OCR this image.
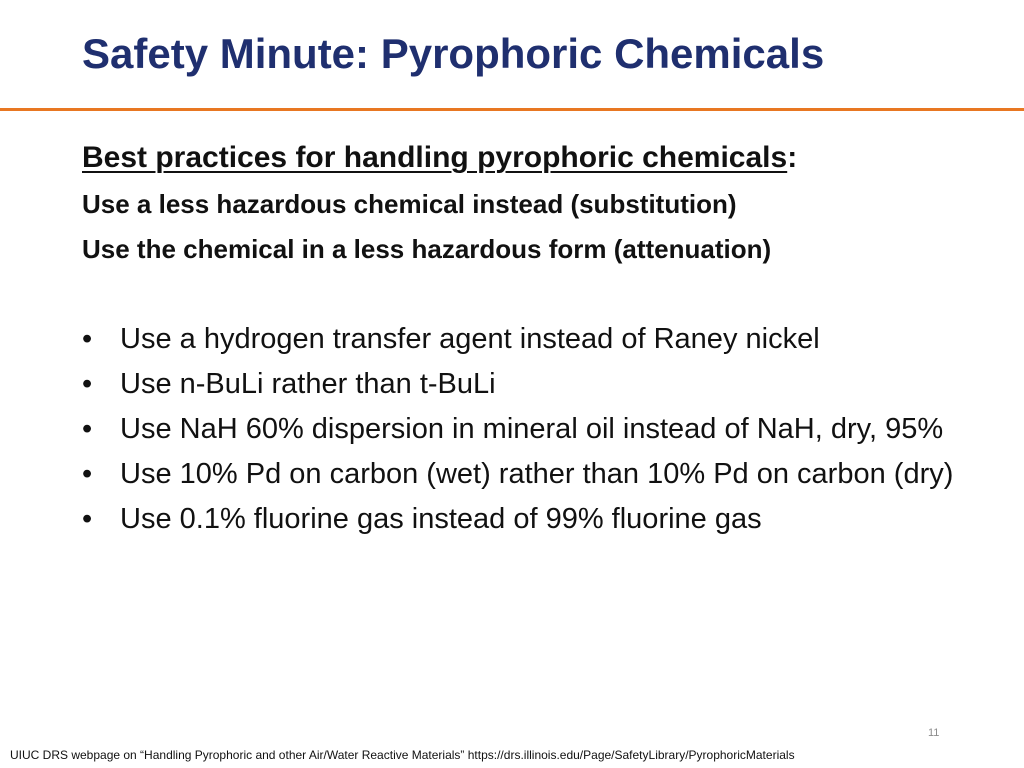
Safety Minute: Pyrophoric Chemicals
Best practices for handling pyrophoric chemicals:
Use a less hazardous chemical instead (substitution)
Use the chemical in a less hazardous form (attenuation)
• Use a hydrogen transfer agent instead of Raney nickel
• Use n-BuLi rather than t-BuLi
• Use NaH 60% dispersion in mineral oil instead of NaH, dry, 95%
• Use 10% Pd on carbon (wet) rather than 10% Pd on carbon (dry)
• Use 0.1% fluorine gas instead of 99% fluorine gas
11
UIUC DRS webpage on “Handling Pyrophoric and other Air/Water Reactive Materials” https://drs.illinois.edu/Page/SafetyLibrary/PyrophoricMaterials
